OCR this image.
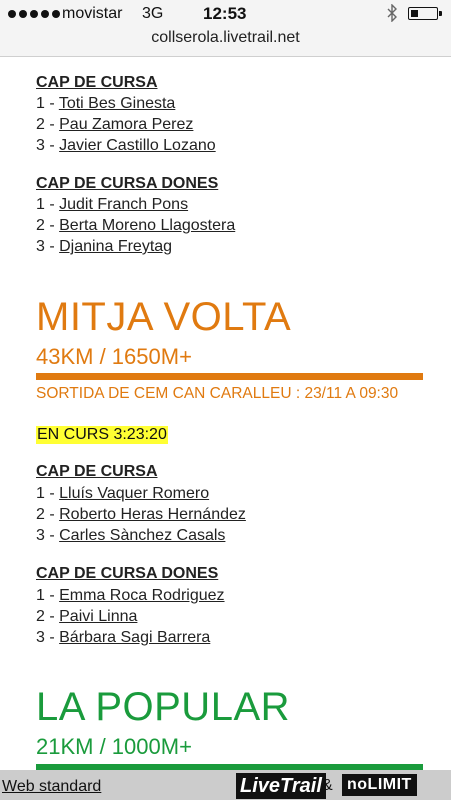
movistar 3G 12:53
collserola.livetrail.net
CAP DE CURSA
1 - Toti Bes Ginesta
2 - Pau Zamora Perez
3 - Javier Castillo Lozano
CAP DE CURSA DONES
1 - Judit Franch Pons
2 - Berta Moreno Llagostera
3 - Djanina Freytag
MITJA VOLTA
43KM / 1650M+
SORTIDA DE CEM CAN CARALLEU : 23/11 A 09:30
EN CURS 3:23:20
CAP DE CURSA
1 - Lluís Vaquer Romero
2 - Roberto Heras Hernández
3 - Carles Sànchez Casals
CAP DE CURSA DONES
1 - Emma Roca Rodriguez
2 - Paivi Linna
3 - Bárbara Sagi Barrera
LA POPULAR
21KM / 1000M+
Web standard	LiveTrail & noLIMIT
